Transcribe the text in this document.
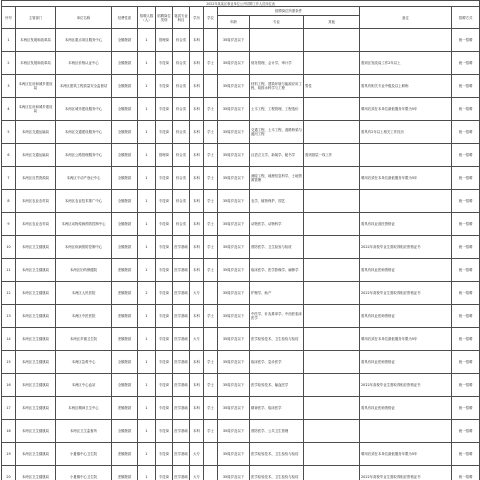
2022年某某区事业单位公开招聘工作人员岗位表													
序号	主管部门	单位名称	经费性质	招聘人数（人）	招聘岗位类别	笔试专业科目	学历	学位	招聘岗位所需条件			备注	招聘方式
									年龄	专业	其他		
1	本两区发展和改革局	本两区重点项目服务中心	全额拨款	1	管理岗	综合类	本科		35周岁及以下				统一招聘
2	本两区发展和改革局	本两区价格认证中心	全额拨款	1	专技岗	综合类	本科	学士	35周岁及以下	财务管理、会计学、审计学		需到区发改局工作2年以上	统一招聘
3	本两区住房和城乡建设局	本两区建筑工程质量安全监督站	全额拨款	1	专技岗	综合类	本科		35周岁及以下	材料工程、建筑环境与能源应用工程、给排水科学与工程	男性	需具有相关专业中级及以上职称	统一招聘
4	本两区住房和城乡建设局	本两区城市建设服务中心	全额拨款	1	专技岗	综合类	本科	学士	35周岁及以下	土木工程、工程管理、工程造价		聘用后须在本单位最低服务年限为5年	统一招聘
5	本两区交通运输局	本两区交通建设服务中心	全额拨款	1	专技岗	综合类	本科	学士	35周岁及以下	交通工程、土木工程、道路桥梁与渡河工程		需具有2年以上相关工作经历	统一招聘
6	本两区交通运输局	本两区公路管理服务中心	全额拨款	1	管理岗	综合类	本科	学士	35周岁及以下	汉语言文学、新闻学、秘书学	需到基层一线工作		统一招聘
7	本两区自然资源局	本两区不动产登记中心	全额拨款	1	专技岗	综合类	本科	学士	35周岁及以下	测绘工程、地理信息科学、土地资源管理		聘用后须在本单位最低服务年限为5年	统一招聘
8	本两区农业农村局	本两区农业技术推广中心	全额拨款	1	专技岗	综合类	本科	学士	35周岁及以下	农学、植物保护、园艺			统一招聘
9	本两区农业农村局	本两区动物疫病预防控制中心	全额拨款	1	专技岗	综合类	本科	学士	35周岁及以下	动物医学、动物科学		需具有执业兽医资格证	统一招聘
10	本两区卫生健康局	本两区疾病预防控制中心	全额拨款	1	专技岗	医学基础	本科	学士	35周岁及以下	预防医学、卫生检验与检疫		2022年高校毕业生需取得相应资格证书	统一招聘
11	本两区卫生健康局	本两区妇幼保健院	差额拨款	1	专技岗	医学基础	本科	学士	35周岁及以下	临床医学、医学影像学、麻醉学		需具有执业医师资格证	统一招聘
12	本两区卫生健康局	本两区人民医院	差额拨款	2	专技岗	医学基础	大专		35周岁及以下	护理学、助产		2022年高校毕业生需取得相应资格证书	统一招聘
13	本两区卫生健康局	本两区中医医院	差额拨款	1	专技岗	医学基础	本科	学士	35周岁及以下	中医学、针灸推拿学、中西医临床医学		需具有执业医师资格证	统一招聘
14	本两区卫生健康局	本两区乡镇卫生院	差额拨款	1	专技岗	医学基础	大专		35周岁及以下	医学检验技术、卫生检验与检疫		聘用后须在本单位最低服务年限为5年	统一招聘
15	本两区卫生健康局	本两区急救中心	全额拨款	1	专技岗	医学基础	本科	学士	35周岁及以下	临床医学、急诊医学		需具有执业医师资格证	统一招聘
16	本两区卫生健康局	本两区中心血站	全额拨款	1	专技岗	医学基础	本科	学士	35周岁及以下	医学检验技术、输血医学		2022年高校毕业生需取得相应资格证书	统一招聘
17	本两区卫生健康局	本两区精神卫生中心	差额拨款	1	专技岗	医学基础	本科	学士	35周岁及以下	精神医学、临床医学		需具有执业医师资格证	统一招聘
18	本两区卫生健康局	本两区卫生监督所	全额拨款	1	专技岗	医学基础	本科	学士	35周岁及以下	预防医学、公共卫生管理			统一招聘
19	本两区卫生健康局	小夏镇中心卫生院	差额拨款	1	专技岗	医学基础	大专		35周岁及以下	医学检验技术、卫生检验与检疫		聘用后须在本单位最低服务年限为5年	统一招聘
20	本两区卫生健康局	小夏镇中心卫生院	差额拨款	1	专技岗	医学基础	大专		35周岁及以下	医学检验技术、卫生检验与检疫		2022年高校毕业生需取得相应资格证书	统一招聘
